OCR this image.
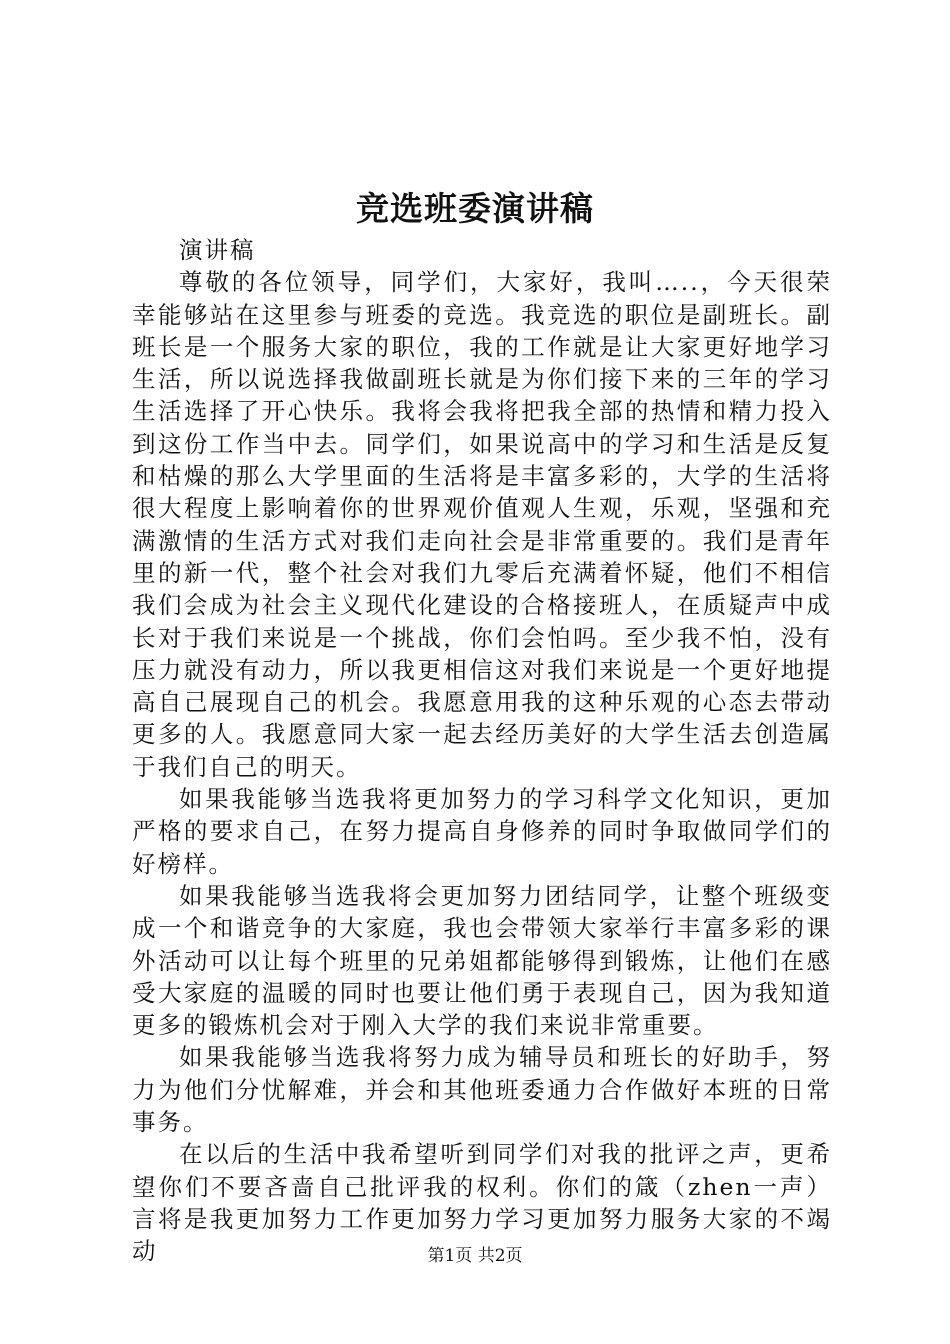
竞选班委演讲稿

演讲稿

尊敬的各位领导，同学们，大家好，我叫…..，今天很荣幸能够站在这里参与班委的竞选。我竞选的职位是副班长。副班长是一个服务大家的职位，我的工作就是让大家更好地学习生活，所以说选择我做副班长就是为你们接下来的三年的学习生活选择了开心快乐。我将会我将把我全部的热情和精力投入到这份工作当中去。同学们，如果说高中的学习和生活是反复和枯燥的那么大学里面的生活将是丰富多彩的，大学的生活将很大程度上影响着你的世界观价值观人生观，乐观，坚强和充满激情的生活方式对我们走向社会是非常重要的。我们是青年里的新一代，整个社会对我们九零后充满着怀疑，他们不相信我们会成为社会主义现代化建设的合格接班人，在质疑声中成长对于我们来说是一个挑战，你们会怕吗。至少我不怕，没有压力就没有动力，所以我更相信这对我们来说是一个更好地提高自己展现自己的机会。我愿意用我的这种乐观的心态去带动更多的人。我愿意同大家一起去经历美好的大学生活去创造属于我们自己的明天。

如果我能够当选我将更加努力的学习科学文化知识，更加严格的要求自己，在努力提高自身修养的同时争取做同学们的好榜样。

如果我能够当选我将会更加努力团结同学，让整个班级变成一个和谐竞争的大家庭，我也会带领大家举行丰富多彩的课外活动可以让每个班里的兄弟姐都能够得到锻炼，让他们在感受大家庭的温暖的同时也要让他们勇于表现自己，因为我知道更多的锻炼机会对于刚入大学的我们来说非常重要。

如果我能够当选我将努力成为辅导员和班长的好助手，努力为他们分忧解难，并会和其他班委通力合作做好本班的日常事务。

在以后的生活中我希望听到同学们对我的批评之声，更希望你们不要吝啬自己批评我的权利。你们的箴（zhen一声）言将是我更加努力工作更加努力学习更加努力服务大家的不竭动	第1页 共2页
